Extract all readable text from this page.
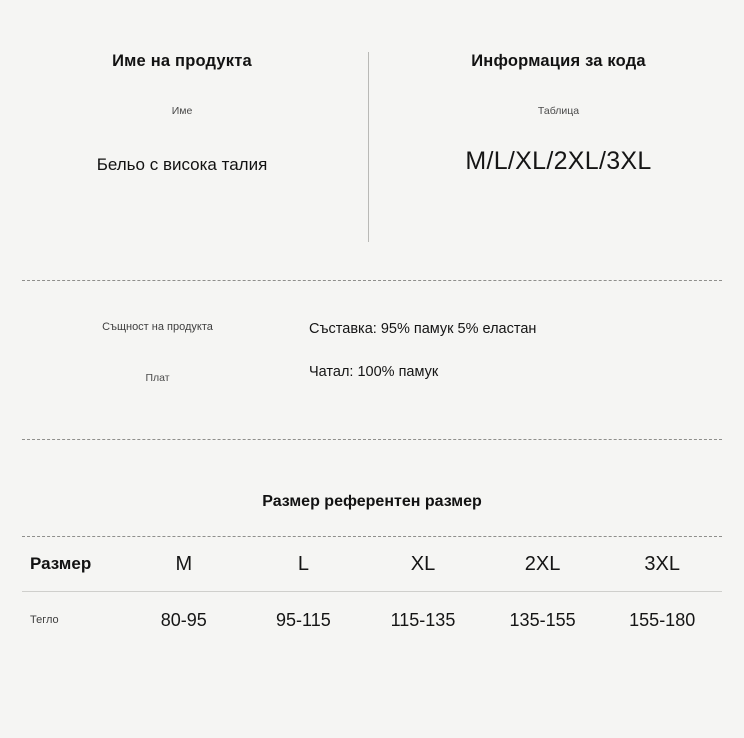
Име на продукта
Име
Бельо с висока талия
Информация за кода
Таблица
M/L/XL/2XL/3XL
Същност на продукта
Плат
Съставка: 95% памук 5% еластан
Чатал: 100% памук
Размер референтен размер
Размер	M	L	XL	2XL	3XL
Тегло	80-95	95-115	115-135	135-155	155-180
